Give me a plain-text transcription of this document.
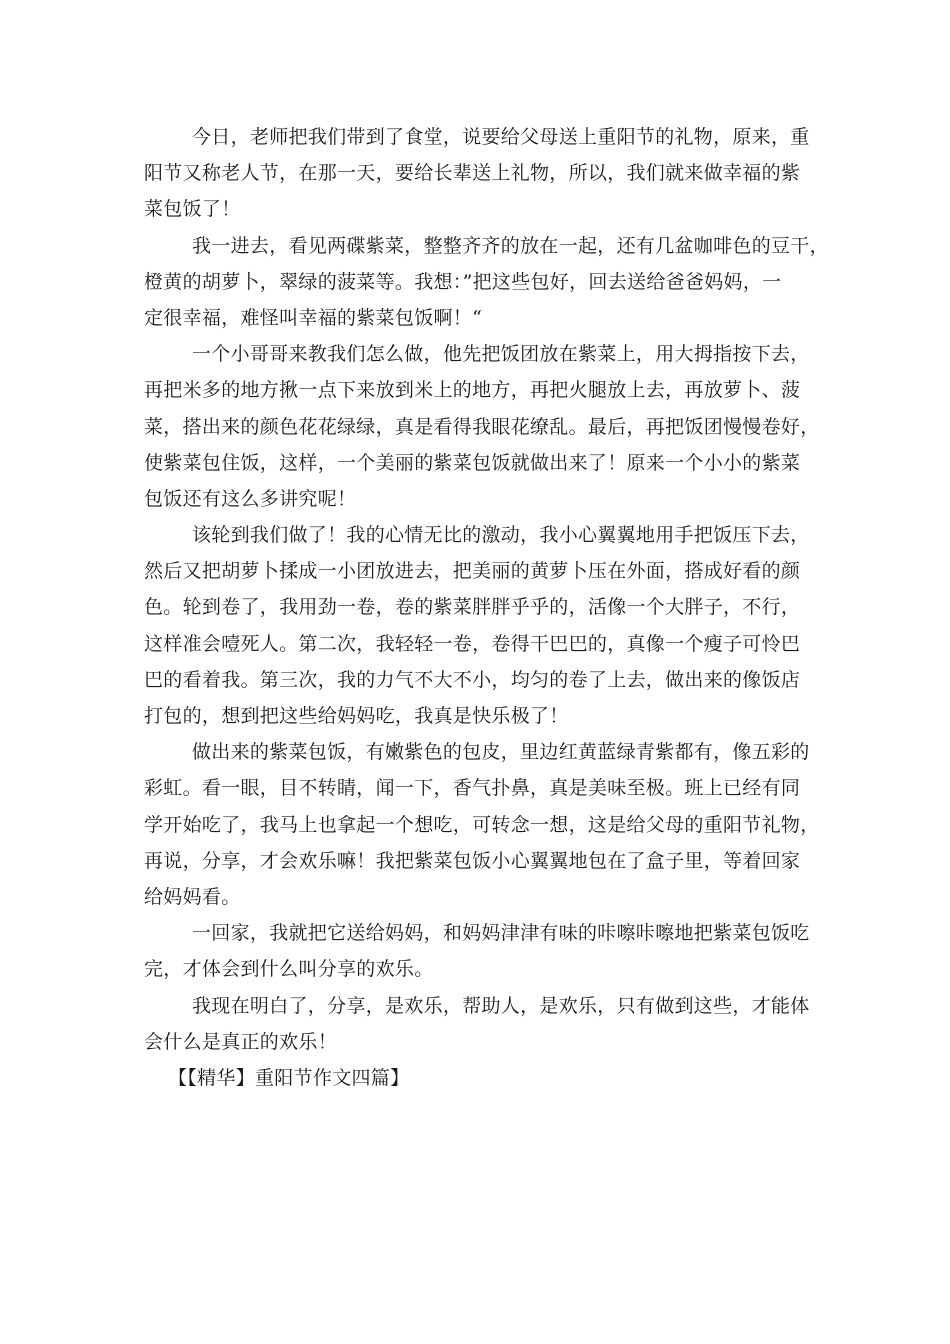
今日，老师把我们带到了食堂，说要给父母送上重阳节的礼物，原来，重
阳节又称老人节，在那一天，要给长辈送上礼物，所以，我们就来做幸福的紫
菜包饭了！
我一进去，看见两碟紫菜，整整齐齐的放在一起，还有几盆咖啡色的豆干，
橙黄的胡萝卜，翠绿的菠菜等。我想：”把这些包好，回去送给爸爸妈妈，一
定很幸福，难怪叫幸福的紫菜包饭啊！“
一个小哥哥来教我们怎么做，他先把饭团放在紫菜上，用大拇指按下去，
再把米多的地方揪一点下来放到米上的地方，再把火腿放上去，再放萝卜、菠
菜，搭出来的颜色花花绿绿，真是看得我眼花缭乱。最后，再把饭团慢慢卷好，
使紫菜包住饭，这样，一个美丽的紫菜包饭就做出来了！原来一个小小的紫菜
包饭还有这么多讲究呢！
该轮到我们做了！我的心情无比的激动，我小心翼翼地用手把饭压下去，
然后又把胡萝卜揉成一小团放进去，把美丽的黄萝卜压在外面，搭成好看的颜
色。轮到卷了，我用劲一卷，卷的紫菜胖胖乎乎的，活像一个大胖子，不行，
这样准会噎死人。第二次，我轻轻一卷，卷得干巴巴的，真像一个瘦子可怜巴
巴的看着我。第三次，我的力气不大不小，均匀的卷了上去，做出来的像饭店
打包的，想到把这些给妈妈吃，我真是快乐极了！
做出来的紫菜包饭，有嫩紫色的包皮，里边红黄蓝绿青紫都有，像五彩的
彩虹。看一眼，目不转睛，闻一下，香气扑鼻，真是美味至极。班上已经有同
学开始吃了，我马上也拿起一个想吃，可转念一想，这是给父母的重阳节礼物，
再说，分享，才会欢乐嘛！我把紫菜包饭小心翼翼地包在了盒子里，等着回家
给妈妈看。
一回家，我就把它送给妈妈，和妈妈津津有味的咔嚓咔嚓地把紫菜包饭吃
完，才体会到什么叫分享的欢乐。
我现在明白了，分享，是欢乐，帮助人，是欢乐，只有做到这些，才能体
会什么是真正的欢乐！
【【精华】重阳节作文四篇】
